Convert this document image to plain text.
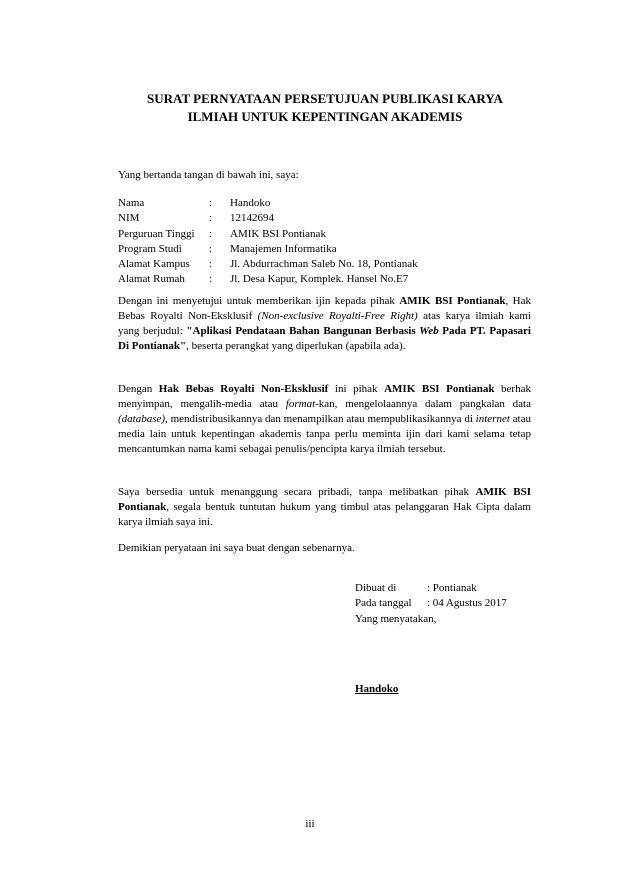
SURAT PERNYATAAN PERSETUJUAN PUBLIKASI KARYA
ILMIAH UNTUK KEPENTINGAN AKADEMIS
Yang bertanda tangan di bawah ini, saya:
Nama	:	Handoko
NIM	:	12142694
Perguruan Tinggi	:	AMIK BSI Pontianak
Program Studi	:	Manajemen Informatika
Alamat Kampus	:	Jl. Abdurrachman Saleb No. 18, Pontianak
Alamat Rumah	:	Jl. Desa Kapur, Komplek. Hansel No.E7
Dengan ini menyetujui untuk memberikan ijin kepada pihak AMIK BSI Pontianak, Hak Bebas Royalti Non-Eksklusif (Non-exclusive Royalti-Free Right) atas karya ilmiah kami yang berjudul: "Aplikasi Pendataan Bahan Bangunan Berbasis Web Pada PT. Papasari Di Pontianak", beserta perangkat yang diperlukan (apabila ada).
Dengan Hak Bebas Royalti Non-Eksklusif ini pihak AMIK BSI Pontianak berhak menyimpan, mengalih-media atau format-kan, mengelolaannya dalam pangkalan data (database), mendistribusikannya dan menampilkan atau mempublikasikannya di internet atau media lain untuk kepentingan akademis tanpa perlu meminta ijin dari kami selama tetap mencantumkan nama kami sebagai penulis/pencipta karya ilmiah tersebut.
Saya bersedia untuk menanggung secara pribadi, tanpa melibatkan pihak AMIK BSI Pontianak, segala bentuk tuntutan hukum yang timbul atas pelanggaran Hak Cipta dalam karya ilmiah saya ini.
Demikian peryataan ini saya buat dengan sebenarnya.
Dibuat di	: Pontianak
Pada tanggal	: 04 Agustus 2017
Yang menyatakan,	
Handoko
iii
